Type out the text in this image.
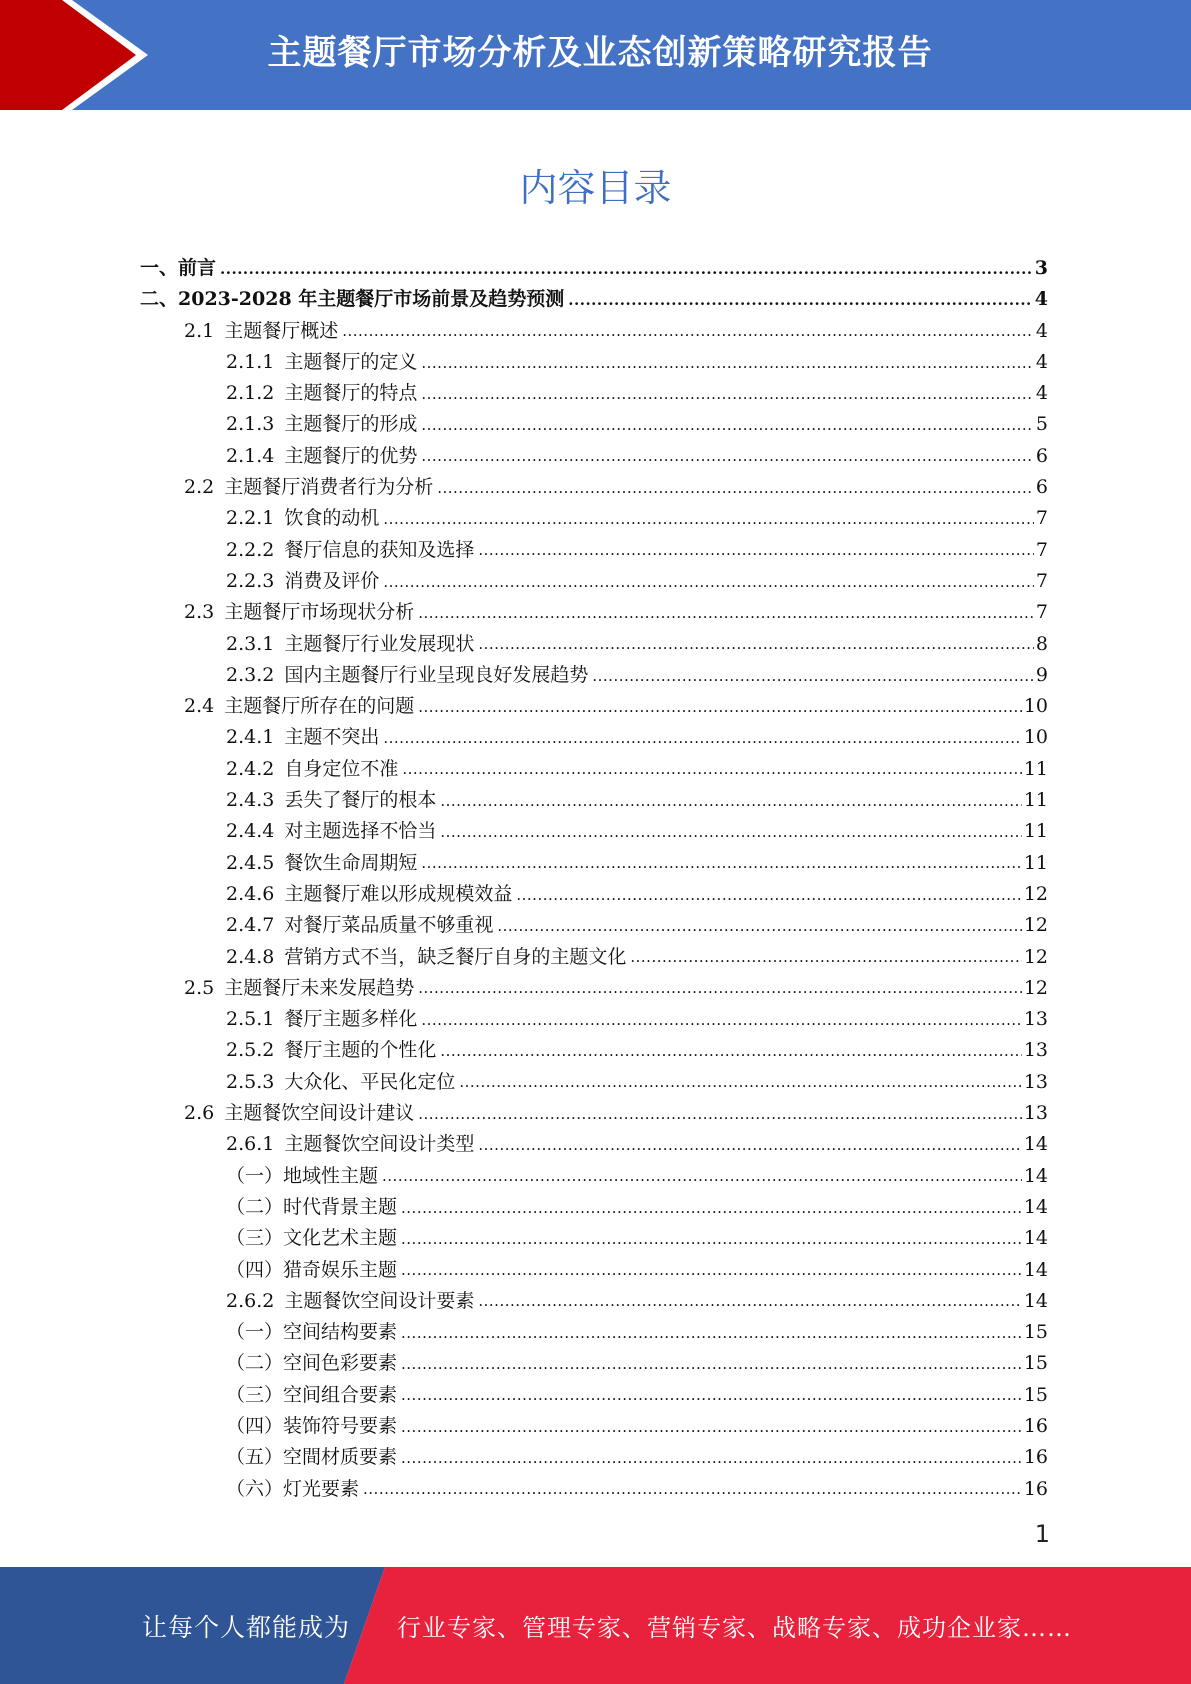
主题餐厅市场分析及业态创新策略研究报告
内容目录
一、前言 .....	3
二、2023-2028 年主题餐厅市场前景及趋势预测 .....	4
2.1 主题餐厅概述 .....	4
2.1.1 主题餐厅的定义 .....	4
2.1.2 主题餐厅的特点 .....	4
2.1.3 主题餐厅的形成 .....	5
2.1.4 主题餐厅的优势 .....	6
2.2 主题餐厅消费者行为分析 .....	6
2.2.1 饮食的动机 .....	7
2.2.2 餐厅信息的获知及选择 .....	7
2.2.3 消费及评价 .....	7
2.3 主题餐厅市场现状分析 .....	7
2.3.1 主题餐厅行业发展现状 .....	8
2.3.2 国内主题餐厅行业呈现良好发展趋势 .....	9
2.4 主题餐厅所存在的问题 .....	10
2.4.1 主题不突出 .....	10
2.4.2 自身定位不准 .....	11
2.4.3 丢失了餐厅的根本 .....	11
2.4.4 对主题选择不恰当 .....	11
2.4.5 餐饮生命周期短 .....	11
2.4.6 主题餐厅难以形成规模效益 .....	12
2.4.7 对餐厅菜品质量不够重视 .....	12
2.4.8 营销方式不当，缺乏餐厅自身的主题文化 .....	12
2.5 主题餐厅未来发展趋势 .....	12
2.5.1 餐厅主题多样化 .....	13
2.5.2 餐厅主题的个性化 .....	13
2.5.3 大众化、平民化定位 .....	13
2.6 主题餐饮空间设计建议 .....	13
2.6.1 主题餐饮空间设计类型 .....	14
（一）地域性主题 .....	14
（二）时代背景主题 .....	14
（三）文化艺术主题 .....	14
（四）猎奇娱乐主题 .....	14
2.6.2 主题餐饮空间设计要素 .....	14
（一）空间结构要素 .....	15
（二）空间色彩要素 .....	15
（三）空间组合要素 .....	15
（四）装饰符号要素 .....	16
（五）空間材质要素 .....	16
（六）灯光要素 .....	16
1
让每个人都能成为 行业专家、管理专家、营销专家、战略专家、成功企业家……
